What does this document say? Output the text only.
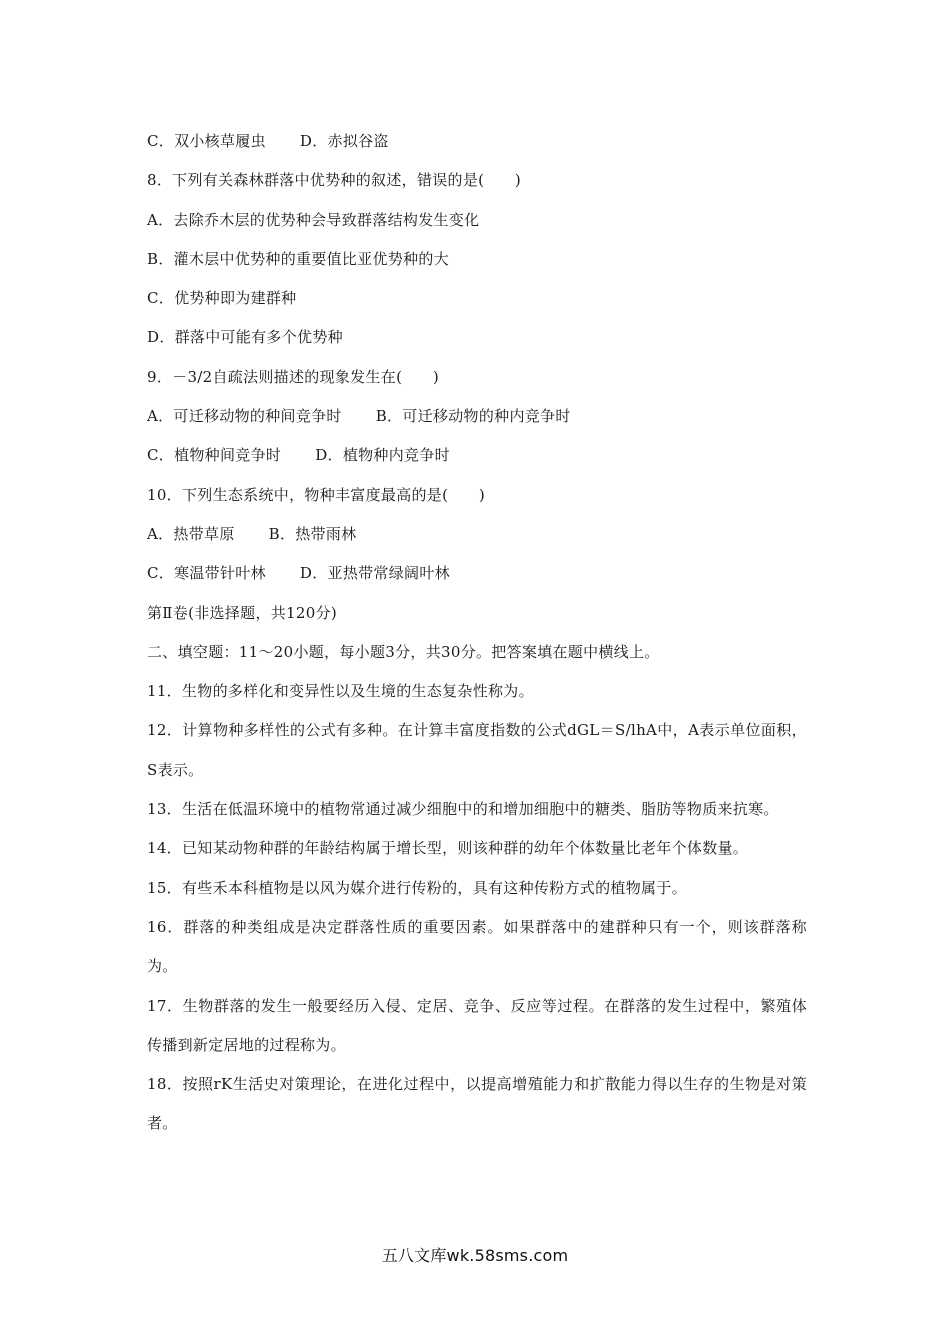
C．双小核草履虫 D．赤拟谷盗
8．下列有关森林群落中优势种的叙述，错误的是(　　)
A．去除乔木层的优势种会导致群落结构发生变化
B．灌木层中优势种的重要值比亚优势种的大
C．优势种即为建群种
D．群落中可能有多个优势种
9．－3/2自疏法则描述的现象发生在(　　)
A．可迁移动物的种间竞争时 B．可迁移动物的种内竞争时
C．植物种间竞争时 D．植物种内竞争时
10．下列生态系统中，物种丰富度最高的是(　　)
A．热带草原 B．热带雨林
C．寒温带针叶林 D．亚热带常绿阔叶林
第Ⅱ卷(非选择题，共120分)
二、填空题：11～20小题，每小题3分，共30分。把答案填在题中横线上。
11．生物的多样化和变异性以及生境的生态复杂性称为。
12．计算物种多样性的公式有多种。在计算丰富度指数的公式dGL＝S/lhA中，A表示单位面积，S表示。
13．生活在低温环境中的植物常通过减少细胞中的和增加细胞中的糖类、脂肪等物质来抗寒。
14．已知某动物种群的年龄结构属于增长型，则该种群的幼年个体数量比老年个体数量。
15．有些禾本科植物是以风为媒介进行传粉的，具有这种传粉方式的植物属于。
16．群落的种类组成是决定群落性质的重要因素。如果群落中的建群种只有一个，则该群落称为。
17．生物群落的发生一般要经历入侵、定居、竞争、反应等过程。在群落的发生过程中，繁殖体传播到新定居地的过程称为。
18．按照rK生活史对策理论，在进化过程中，以提高增殖能力和扩散能力得以生存的生物是对策者。
五八文库wk.58sms.com
